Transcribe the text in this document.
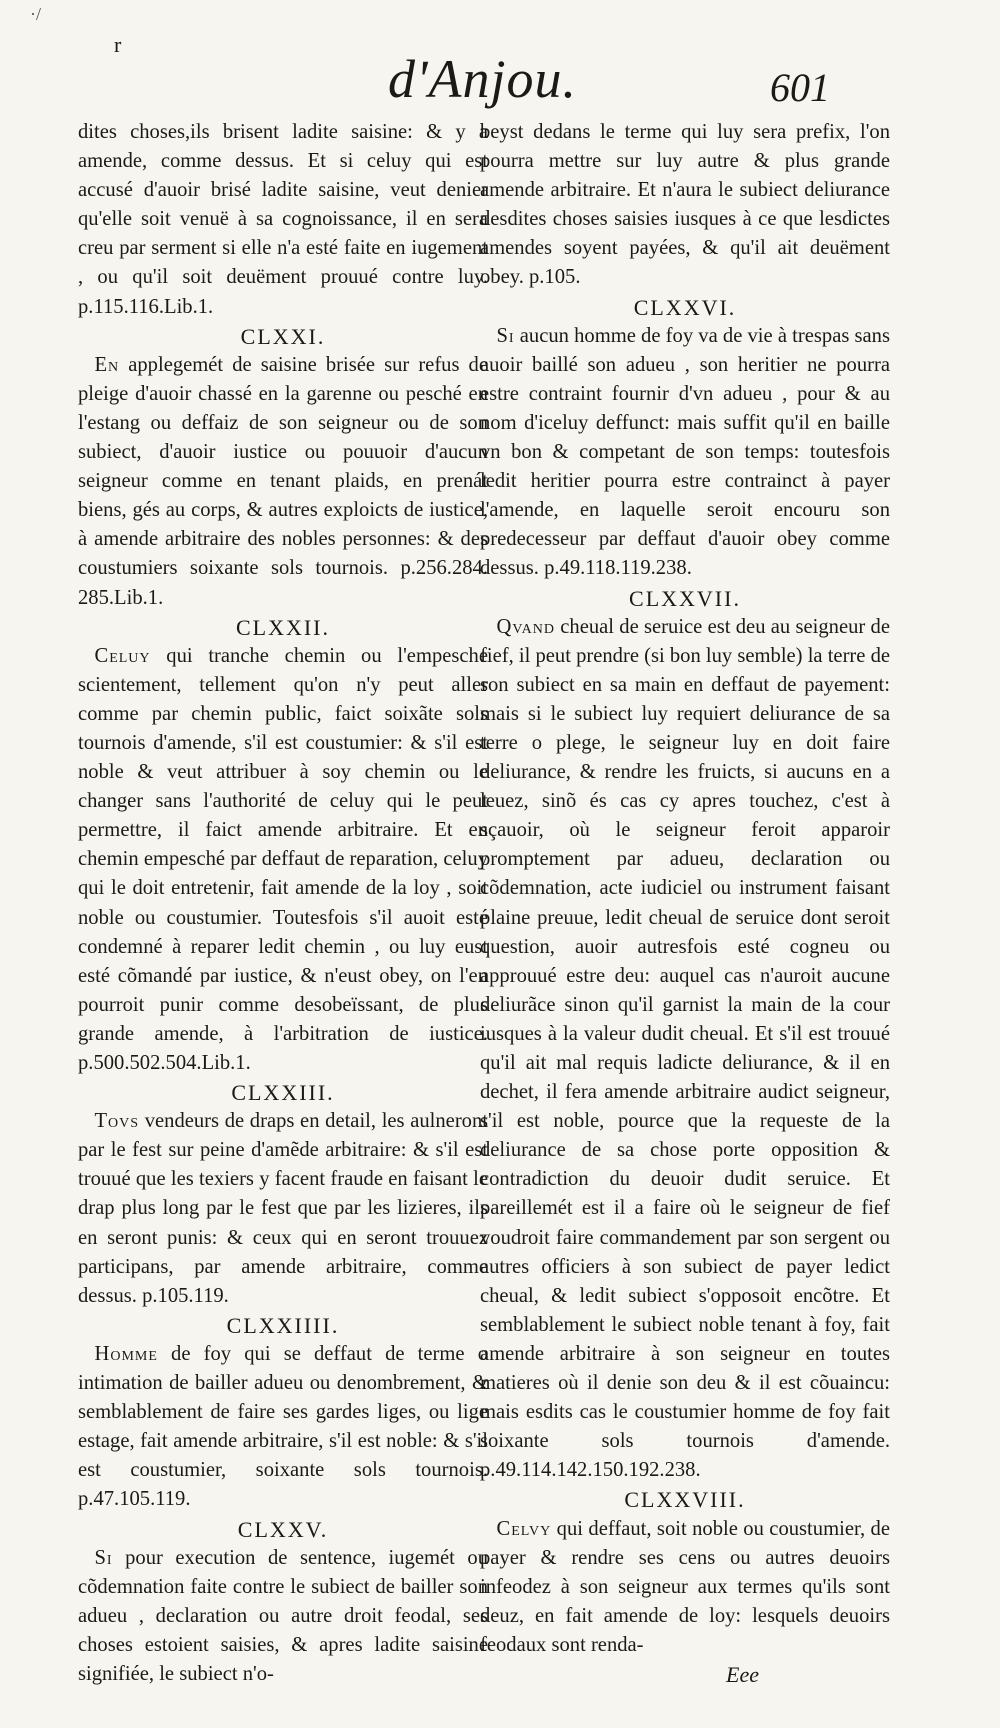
·/
r
d'Anjou.	601

dites choses,ils brisent ladite saisine: & y a amende, comme dessus. Et si celuy qui est accusé d'auoir brisé ladite saisine, veut denier qu'elle soit venuë à sa cognoissance, il en sera creu par serment si elle n'a esté faite en iugement , ou qu'il soit deuëment prouué contre luy. p.115.116.Lib.1.

CLXXI.

En applegemét de saisine brisée sur refus de pleige d'auoir chassé en la garenne ou pesché en l'estang ou deffaiz de son seigneur ou de son subiect, d'auoir iustice ou pouuoir d'aucun seigneur comme en tenant plaids, en prenát biens, gés au corps, & autres exploicts de iustice, à amende arbitraire des nobles personnes: & des coustumiers soixante sols tournois. p.256.284. 285.Lib.1.

CLXXII.

Celuy qui tranche chemin ou l'empesche scientement, tellement qu'on n'y peut aller comme par chemin public, faict soixãte sols tournois d'amende, s'il est coustumier: & s'il est noble & veut attribuer à soy chemin ou le changer sans l'authorité de celuy qui le peut permettre, il faict amende arbitraire. Et en chemin empesché par deffaut de reparation, celuy qui le doit entretenir, fait amende de la loy , soit noble ou coustumier. Toutesfois s'il auoit esté condemné à reparer ledit chemin , ou luy eust esté cõmandé par iustice, & n'eust obey, on l'en pourroit punir comme desobeïssant, de plus grande amende, à l'arbitration de iustice. p.500.502.504.Lib.1.

CLXXIII.

Tovs vendeurs de draps en detail, les aulneront par le fest sur peine d'amẽde arbitraire: & s'il est trouué que les texiers y facent fraude en faisant le drap plus long par le fest que par les lizieres, ils en seront punis: & ceux qui en seront trouuez participans, par amende arbitraire, comme dessus. p.105.119.

CLXXIIII.

Homme de foy qui se deffaut de terme o intimation de bailler adueu ou denombrement, & semblablement de faire ses gardes liges, ou lige estage, fait amende arbitraire, s'il est noble: & s'il est coustumier, soixante sols tournois. p.47.105.119.

CLXXV.

Si pour execution de sentence, iugemét ou cõdemnation faite contre le subiect de bailler son adueu , declaration ou autre droit feodal, ses choses estoient saisies, & apres ladite saisine signifiée, le subiect n'o-

beyst dedans le terme qui luy sera prefix, l'on pourra mettre sur luy autre & plus grande amende arbitraire. Et n'aura le subiect deliurance desdites choses saisies iusques à ce que lesdictes amendes soyent payées, & qu'il ait deuëment obey. p.105.

CLXXVI.

Si aucun homme de foy va de vie à trespas sans auoir baillé son adueu , son heritier ne pourra estre contraint fournir d'vn adueu , pour & au nom d'iceluy deffunct: mais suffit qu'il en baille vn bon & competant de son temps: toutesfois ledit heritier pourra estre contrainct à payer l'amende, en laquelle seroit encouru son predecesseur par deffaut d'auoir obey comme dessus. p.49.118.119.238.

CLXXVII.

Qvand cheual de seruice est deu au seigneur de fief, il peut prendre (si bon luy semble) la terre de son subiect en sa main en deffaut de payement: mais si le subiect luy requiert deliurance de sa terre o plege, le seigneur luy en doit faire deliurance, & rendre les fruicts, si aucuns en a leuez, sinõ és cas cy apres touchez, c'est à sçauoir, où le seigneur feroit apparoir promptement par adueu, declaration ou cõdemnation, acte iudiciel ou instrument faisant plaine preuue, ledit cheual de seruice dont seroit question, auoir autresfois esté cogneu ou approuué estre deu: auquel cas n'auroit aucune deliurãce sinon qu'il garnist la main de la cour iusques à la valeur dudit cheual. Et s'il est trouué qu'il ait mal requis ladicte deliurance, & il en dechet, il fera amende arbitraire audict seigneur, s'il est noble, pource que la requeste de la deliurance de sa chose porte opposition & contradiction du deuoir dudit seruice. Et pareillemét est il a faire où le seigneur de fief voudroit faire commandement par son sergent ou autres officiers à son subiect de payer ledict cheual, & ledit subiect s'opposoit encõtre. Et semblablement le subiect noble tenant à foy, fait amende arbitraire à son seigneur en toutes matieres où il denie son deu & il est cõuaincu: mais esdits cas le coustumier homme de foy fait soixante sols tournois d'amende. p.49.114.142.150.192.238.

CLXXVIII.

Celvy qui deffaut, soit noble ou coustumier, de payer & rendre ses cens ou autres deuoirs infeodez à son seigneur aux termes qu'ils sont deuz, en fait amende de loy: lesquels deuoirs feodaux sont renda-

Eee
